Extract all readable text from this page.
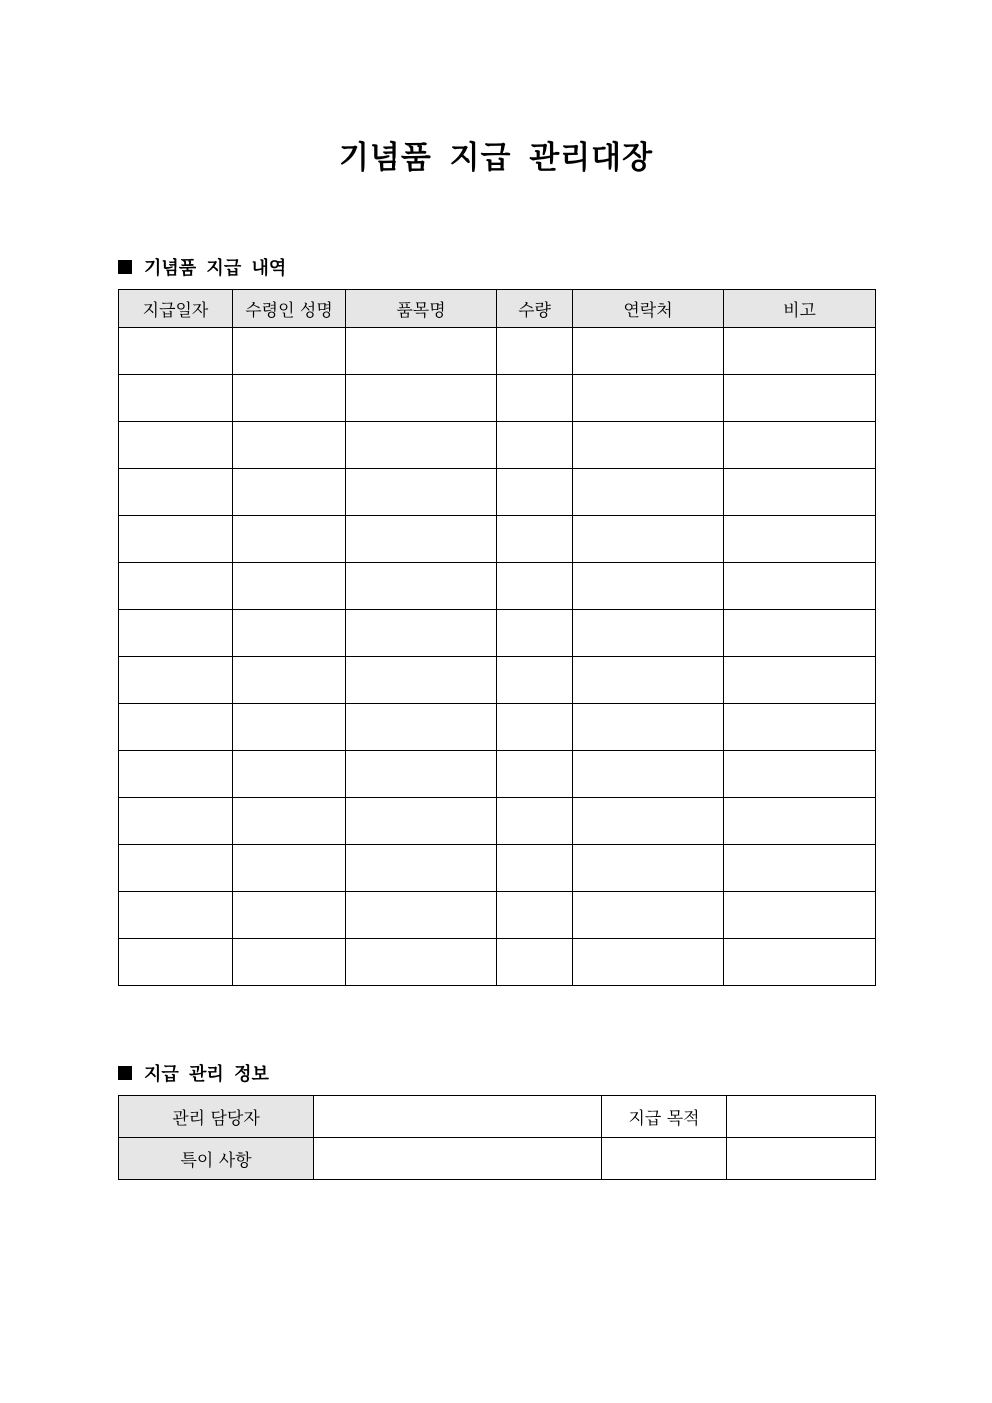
기념품 지급 관리대장
기념품 지급 내역
지급일자	수령인 성명	품목명	수량	연락처	비고

지급 관리 정보
관리 담당자		지급 목적	
특이 사항			
